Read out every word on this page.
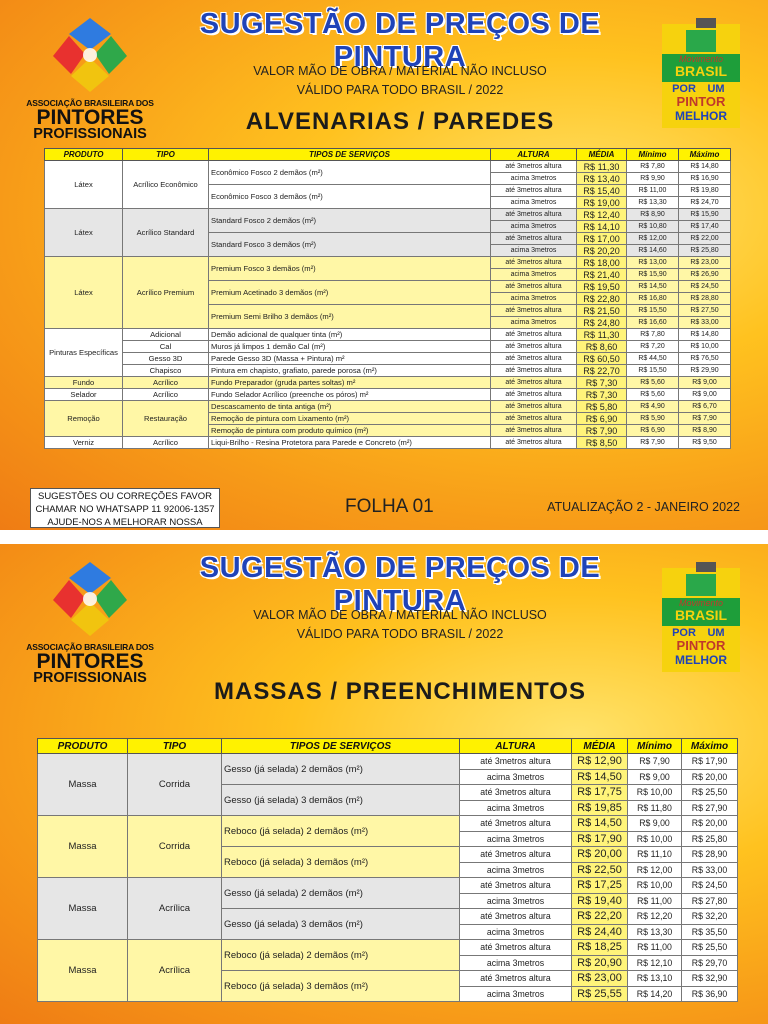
ASSOCIAÇÃO BRASILEIRA DOS
PINTORES
PROFISSIONAIS
SUGESTÃO DE PREÇOS DE PINTURA
VALOR MÃO DE OBRA / MATERIAL NÃO INCLUSO
VÁLIDO PARA TODO BRASIL / 2022
Movimento
BRASIL
POR UM
PINTOR
MELHOR
ALVENARIAS / PAREDES
PRODUTO	TIPO	TIPOS DE SERVIÇOS	ALTURA	MÉDIA	Mínimo	Máximo
Látex	Acrílico Econômico	Econômico Fosco 2 demãos (m²)	até 3metros altura	R$ 11,30	R$ 7,80	R$ 14,80
			acima 3metros	R$ 13,40	R$ 9,90	R$ 16,90
		Econômico Fosco 3 demãos (m²)	até 3metros altura	R$ 15,40	R$ 11,00	R$ 19,80
			acima 3metros	R$ 19,00	R$ 13,30	R$ 24,70
Látex	Acrílico Standard	Standard Fosco 2 demãos (m²)	até 3metros altura	R$ 12,40	R$ 8,90	R$ 15,90
			acima 3metros	R$ 14,10	R$ 10,80	R$ 17,40
		Standard Fosco 3 demãos (m²)	até 3metros altura	R$ 17,00	R$ 12,00	R$ 22,00
			acima 3metros	R$ 20,20	R$ 14,60	R$ 25,80
Látex	Acrílico Premium	Premium Fosco 3 demãos (m²)	até 3metros altura	R$ 18,00	R$ 13,00	R$ 23,00
			acima 3metros	R$ 21,40	R$ 15,90	R$ 26,90
		Premium Acetinado 3 demãos (m²)	até 3metros altura	R$ 19,50	R$ 14,50	R$ 24,50
			acima 3metros	R$ 22,80	R$ 16,80	R$ 28,80
		Premium Semi Brilho 3 demãos (m²)	até 3metros altura	R$ 21,50	R$ 15,50	R$ 27,50
			acima 3metros	R$ 24,80	R$ 16,60	R$ 33,00
Pinturas Específicas	Adicional	Demão adicional de qualquer tinta (m²)	até 3metros altura	R$ 11,30	R$ 7,80	R$ 14,80
	Cal	Muros já limpos 1 demão Cal (m²)	até 3metros altura	R$ 8,60	R$ 7,20	R$ 10,00
	Gesso 3D	Parede Gesso 3D (Massa + Pintura) m²	até 3metros altura	R$ 60,50	R$ 44,50	R$ 76,50
	Chapisco	Pintura em chapisto, grafiato, parede porosa (m²)	até 3metros altura	R$ 22,70	R$ 15,50	R$ 29,90
Fundo	Acrílico	Fundo Preparador (gruda partes soltas) m²	até 3metros altura	R$ 7,30	R$ 5,60	R$ 9,00
Selador	Acrílico	Fundo Selador Acrílico (preenche os póros) m²	até 3metros altura	R$ 7,30	R$ 5,60	R$ 9,00
Remoção	Restauração	Descascamento de tinta antiga (m²)	até 3metros altura	R$ 5,80	R$ 4,90	R$ 6,70
		Remoção de pintura com Lixamento (m²)	até 3metros altura	R$ 6,90	R$ 5,90	R$ 7,90
		Remoção de pintura com produto químico (m²)	até 3metros altura	R$ 7,90	R$ 6,90	R$ 8,90
Verniz	Acrílico	Liqui-Brilho - Resina Protetora para Parede e Concreto (m²)	até 3metros altura	R$ 8,50	R$ 7,90	R$ 9,50
SUGESTÕES OU CORREÇÕES FAVOR
CHAMAR NO WHATSAPP 11 92006-1357
AJUDE-NOS A MELHORAR NOSSA
FOLHA 01	ATUALIZAÇÃO 2 - JANEIRO 2022
ASSOCIAÇÃO BRASILEIRA DOS
PINTORES
PROFISSIONAIS
SUGESTÃO DE PREÇOS DE PINTURA
VALOR MÃO DE OBRA / MATERIAL NÃO INCLUSO
VÁLIDO PARA TODO BRASIL / 2022
Movimento
BRASIL
POR UM
PINTOR
MELHOR
MASSAS / PREENCHIMENTOS
PRODUTO	TIPO	TIPOS DE SERVIÇOS	ALTURA	MÉDIA	Mínimo	Máximo
Massa	Corrida	Gesso (já selada) 2 demãos (m²)	até 3metros altura	R$ 12,90	R$ 7,90	R$ 17,90
			acima 3metros	R$ 14,50	R$ 9,00	R$ 20,00
		Gesso (já selada) 3 demãos (m²)	até 3metros altura	R$ 17,75	R$ 10,00	R$ 25,50
			acima 3metros	R$ 19,85	R$ 11,80	R$ 27,90
Massa	Corrida	Reboco (já selada) 2 demãos (m²)	até 3metros altura	R$ 14,50	R$ 9,00	R$ 20,00
			acima 3metros	R$ 17,90	R$ 10,00	R$ 25,80
		Reboco (já selada) 3 demãos (m²)	até 3metros altura	R$ 20,00	R$ 11,10	R$ 28,90
			acima 3metros	R$ 22,50	R$ 12,00	R$ 33,00
Massa	Acrílica	Gesso (já selada) 2 demãos (m²)	até 3metros altura	R$ 17,25	R$ 10,00	R$ 24,50
			acima 3metros	R$ 19,40	R$ 11,00	R$ 27,80
		Gesso (já selada) 3 demãos (m²)	até 3metros altura	R$ 22,20	R$ 12,20	R$ 32,20
			acima 3metros	R$ 24,40	R$ 13,30	R$ 35,50
Massa	Acrílica	Reboco (já selada) 2 demãos (m²)	até 3metros altura	R$ 18,25	R$ 11,00	R$ 25,50
			acima 3metros	R$ 20,90	R$ 12,10	R$ 29,70
		Reboco (já selada) 3 demãos (m²)	até 3metros altura	R$ 23,00	R$ 13,10	R$ 32,90
			acima 3metros	R$ 25,55	R$ 14,20	R$ 36,90
